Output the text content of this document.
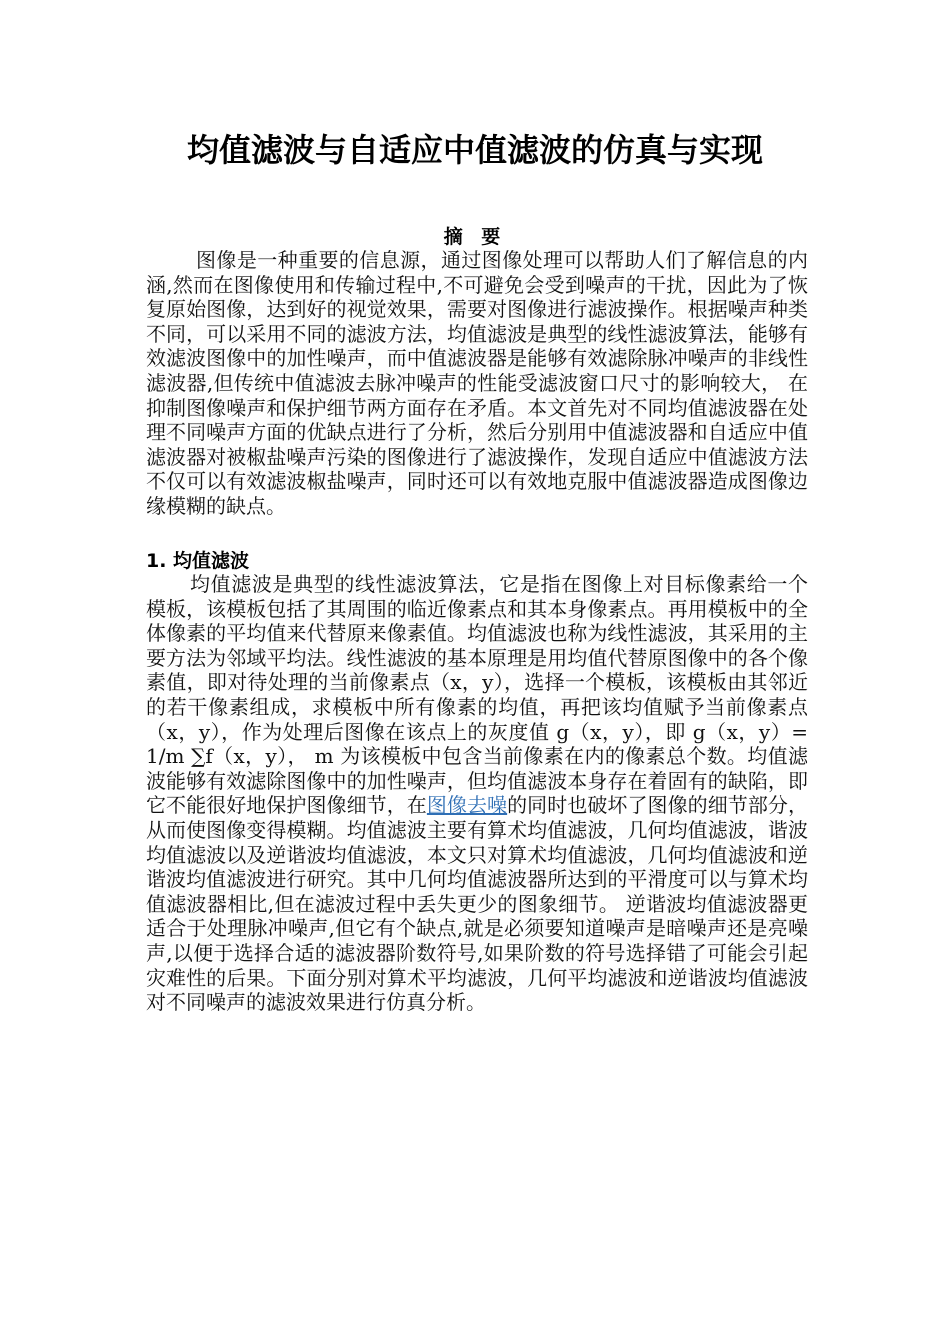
均值滤波与自适应中值滤波的仿真与实现
摘 要

图像是一种重要的信息源，通过图像处理可以帮助人们了解信息的内涵,然而在图像使用和传输过程中,不可避免会受到噪声的干扰，因此为了恢复原始图像，达到好的视觉效果，需要对图像进行滤波操作。根据噪声种类不同，可以采用不同的滤波方法，均值滤波是典型的线性滤波算法，能够有效滤波图像中的加性噪声，而中值滤波器是能够有效滤除脉冲噪声的非线性滤波器,但传统中值滤波去脉冲噪声的性能受滤波窗口尺寸的影响较大， 在抑制图像噪声和保护细节两方面存在矛盾。本文首先对不同均值滤波器在处理不同噪声方面的优缺点进行了分析，然后分别用中值滤波器和自适应中值滤波器对被椒盐噪声污染的图像进行了滤波操作，发现自适应中值滤波方法不仅可以有效滤波椒盐噪声，同时还可以有效地克服中值滤波器造成图像边缘模糊的缺点。

1. 均值滤波

均值滤波是典型的线性滤波算法，它是指在图像上对目标像素给一个模板，该模板包括了其周围的临近像素点和其本身像素点。再用模板中的全体像素的平均值来代替原来像素值。均值滤波也称为线性滤波，其采用的主要方法为邻域平均法。线性滤波的基本原理是用均值代替原图像中的各个像素值，即对待处理的当前像素点（x，y），选择一个模板，该模板由其邻近的若干像素组成，求模板中所有像素的均值，再把该均值赋予当前像素点（x，y），作为处理后图像在该点上的灰度值 g（x，y），即 g（x，y）=1/m ∑f（x，y）， m 为该模板中包含当前像素在内的像素总个数。均值滤波能够有效滤除图像中的加性噪声，但均值滤波本身存在着固有的缺陷，即它不能很好地保护图像细节，在图像去噪的同时也破坏了图像的细节部分，从而使图像变得模糊。均值滤波主要有算术均值滤波，几何均值滤波，谐波均值滤波以及逆谐波均值滤波，本文只对算术均值滤波，几何均值滤波和逆谐波均值滤波进行研究。其中几何均值滤波器所达到的平滑度可以与算术均值滤波器相比,但在滤波过程中丢失更少的图象细节。 逆谐波均值滤波器更适合于处理脉冲噪声,但它有个缺点,就是必须要知道噪声是暗噪声还是亮噪声,以便于选择合适的滤波器阶数符号,如果阶数的符号选择错了可能会引起灾难性的后果。下面分别对算术平均滤波，几何平均滤波和逆谐波均值滤波对不同噪声的滤波效果进行仿真分析。
